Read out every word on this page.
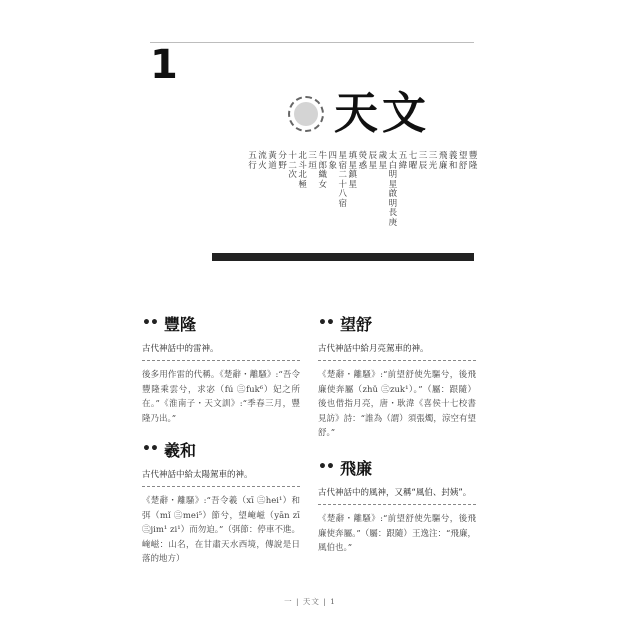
1
天文
豐隆
望舒
義和
飛廉
三光
三辰
七曜
五緯
太白 明星 啟明 長庚
歲星
辰星
熒惑
填星 鎮星
星宿 二十八宿
四象
牛郎 織女
三垣
北斗 北極
十二次
分野
黃道
流火
五行
•• 豐隆
古代神話中的雷神。
後多用作雷的代稱。《楚辭・離騷》:“吾令豐隆乘雲兮，求宓（fú ㊂fuk⁶）妃之所在。”《淮南子・天文訓》:“季春三月，豐隆乃出。”
•• 羲和
古代神話中給太陽駕車的神。
《楚辭・離騷》:“吾令羲（xī ㊂hei¹）和弭（mǐ ㊂mei⁵）節兮，望崦嵫（yān zī ㊂jim¹ zi¹）而勿迫。”（弭節：停車不進。崦嵫：山名，在甘肅天水西境，傳說是日落的地方）
•• 望舒
古代神話中給月亮駕車的神。
《楚辭・離騷》:“前望舒使先驅兮，後飛廉使奔屬（zhǔ ㊂zuk¹）。”（屬：跟隨）後也借指月亮，唐・耿湋《喜侯十七校書見訪》詩：“誰為（謂）須張燭，涼空有望舒。”
•• 飛廉
古代神話中的風神，又稱“風伯、封姨”。
《楚辭・離騷》:“前望舒使先驅兮，後飛廉使奔屬。”（屬：跟隨）王逸注：“飛廉，風伯也。”
一 | 天文 | 1
